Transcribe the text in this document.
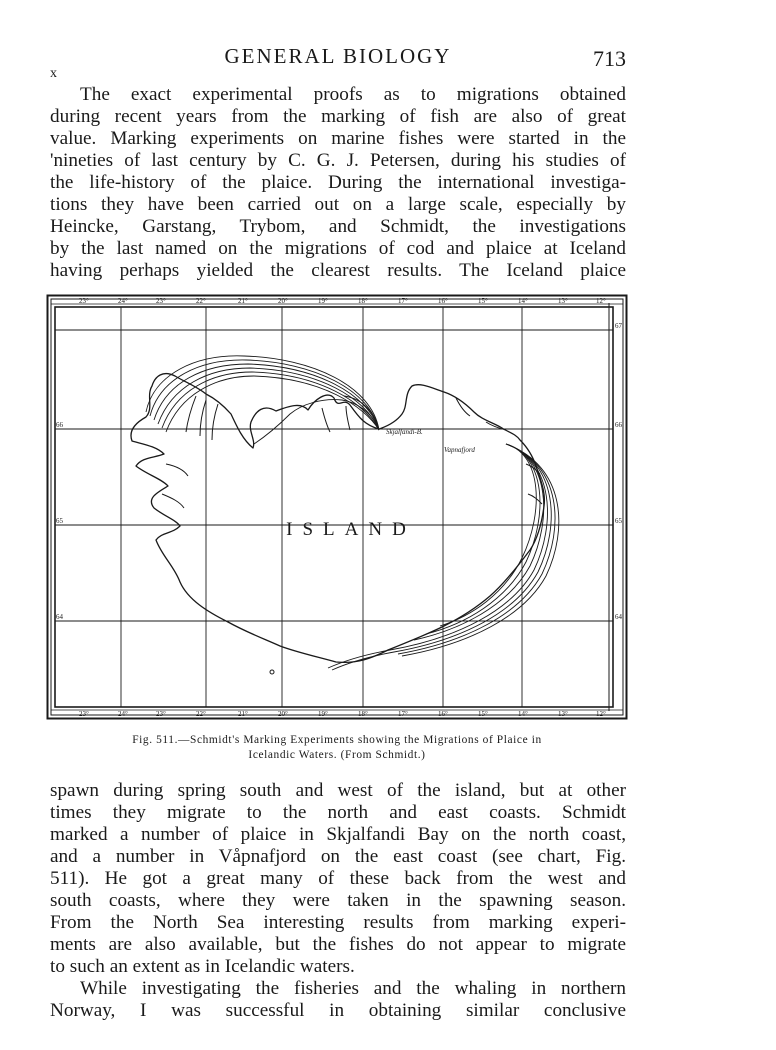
GENERAL BIOLOGY	713
x

The exact experimental proofs as to migrations obtained
during recent years from the marking of fish are also of great
value. Marking experiments on marine fishes were started in the
'nineties of last century by C. G. J. Petersen, during his studies of
the life-history of the plaice. During the international investiga-
tions they have been carried out on a large scale, especially by
Heincke, Garstang, Trybom, and Schmidt, the investigations
by the last named on the migrations of cod and plaice at Iceland
having perhaps yielded the clearest results. The Iceland plaice

23°	24°	23°	22°	21°	20°	19°	18°	17°	16°	15°	14°	13°	12°
23°	24°	23°	22°	21°	20°	19°	18°	17°	16°	15°	14°	13°	12°
67
66
65
64
66
65
64
Skjalfandi-B.
Vapnafjord
ISLAND
Fig. 511.—Schmidt's Marking Experiments showing the Migrations of Plaice in
Icelandic Waters. (From Schmidt.)

spawn during spring south and west of the island, but at other
times they migrate to the north and east coasts. Schmidt
marked a number of plaice in Skjalfandi Bay on the north coast,
and a number in Våpnafjord on the east coast (see chart, Fig.
511). He got a great many of these back from the west and
south coasts, where they were taken in the spawning season.
From the North Sea interesting results from marking experi-
ments are also available, but the fishes do not appear to migrate
to such an extent as in Icelandic waters.

While investigating the fisheries and the whaling in northern
Norway, I was successful in obtaining similar conclusive
